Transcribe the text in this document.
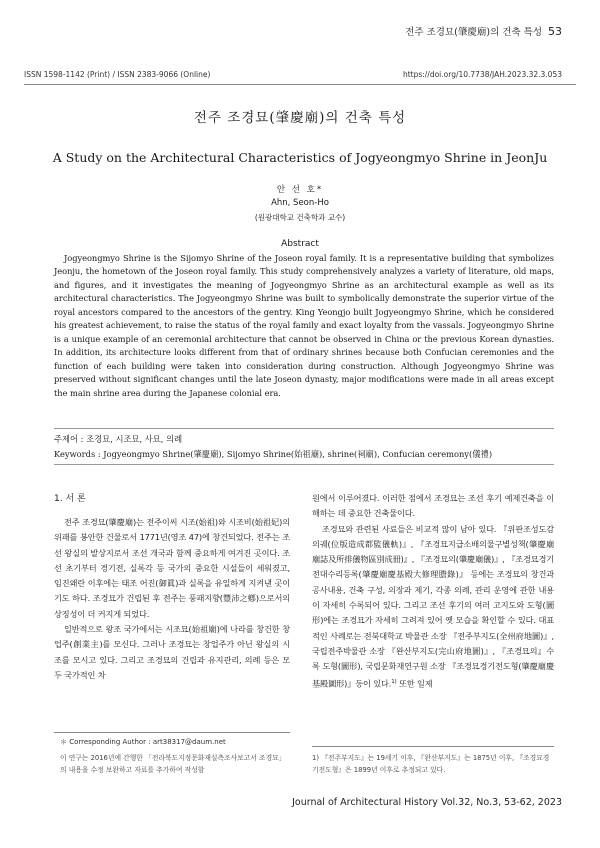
전주 조경묘(肇慶廟)의 건축 특성 53
ISSN 1598-1142 (Print) / ISSN 2383-9066 (Online)	https://doi.org/10.7738/JAH.2023.32.3.053
전주 조경묘(肇慶廟)의 건축 특성
A Study on the Architectural Characteristics of Jogyeongmyo Shrine in JeonJu
안 선 호*
Ahn, Seon-Ho
(원광대학교 건축학과 교수)
Abstract
Jogyeongmyo Shrine is the Sijomyo Shrine of the Joseon royal family. It is a representative building that symbolizes Jeonju, the hometown of the Joseon royal family. This study comprehensively analyzes a variety of literature, old maps, and figures, and it investigates the meaning of Jogyeongmyo Shrine as an architectural example as well as its architectural characteristics. The Jogyeongmyo Shrine was built to symbolically demonstrate the superior virtue of the royal ancestors compared to the ancestors of the gentry. King Yeongjo built Jogyeongmyo Shrine, which he considered his greatest achievement, to raise the status of the royal family and exact loyalty from the vassals. Jogyeongmyo Shrine is a unique example of an ceremonial architecture that cannot be observed in China or the previous Korean dynasties. In addition, its architecture looks different from that of ordinary shrines because both Confucian ceremonies and the function of each building were taken into consideration during construction. Although Jogyeongmyo Shrine was preserved without significant changes until the late Joseon dynasty, major modifications were made in all areas except the main shrine area during the Japanese colonial era.
주제어 : 조경묘, 시조묘, 사묘, 의례
Keywords : Jogyeongmyo Shrine(肇慶廟), Sijomyo Shrine(始祖廟), shrine(祠廟), Confucian ceremony(儀禮)
1. 서 론

전주 조경묘(肇慶廟)는 전주이씨 시조(始祖)와 시조비(始祖妃)의 위패를 봉안한 건물로서 1771년(영조 47)에 창건되었다. 전주는 조선 왕실의 발상지로서 조선 개국과 함께 중요하게 여겨진 곳이다. 조선 초기부터 경기전, 실록각 등 국가의 중요한 시설들이 세워졌고, 임진왜란 이후에는 태조 어진(御眞)과 실록을 유일하게 지켜낸 곳이기도 하다. 조경묘가 건립된 후 전주는 풍패지향(豐沛之鄕)으로서의 상징성이 더 커지게 되었다.

일반적으로 왕조 국가에서는 시조묘(始祖廟)에 나라를 창건한 창업주(創業主)를 모신다. 그러나 조경묘는 창업주가 아닌 왕실의 시조를 모시고 있다. 그리고 조경묘의 건립과 유지관리, 의례 등은 모두 국가적인 차

원에서 이루어졌다. 이러한 점에서 조경묘는 조선 후기 예제건축을 이해하는 데 중요한 건축물이다.

조경묘와 관련된 사료들은 비교적 많이 남아 있다. 『위판조성도감의궤(位版造成都監儀軌)』, 『조경묘지급소배의물구별성책(肇慶廟廟誌及所排儀物區別成冊)』, 『조경묘의(肇慶廟儀)』, 『조경묘경기전대수리등록(肇慶廟慶基殿大修理謄錄)』 등에는 조경묘의 창건과 공사내용, 건축 구성, 의장과 제기, 각종 의례, 관리 운영에 관한 내용이 자세히 수록되어 있다. 그리고 조선 후기의 여러 고지도와 도형(圖形)에는 조경묘가 자세히 그려져 있어 옛 모습을 확인할 수 있다. 대표적인 사례로는 전북대학교 박물관 소장 『전주부지도(全州府地圖)』, 국립전주박물관 소장 『완산부지도(完山府地圖)』, 『조경묘의』수록 도형(圖形), 국립문화재연구원 소장 『조경묘경기전도형(肇慶廟慶基殿圖形)』등이 있다.$^{1)}$ 또한 일제

＊ Corresponding Author : art38317@daum.net
이 연구는 2016년에 간행한 「전라북도지정문화재실측조사보고서 조경묘」의 내용을 수정 보완하고 자료를 추가하여 작성함
1) 『전주부지도』는 19세기 이후, 『완산부지도』는 1875년 이후, 『조경묘경기전도형』은 1899년 이후로 추정되고 있다.
Journal of Architectural History Vol.32, No.3, 53-62, 2023
